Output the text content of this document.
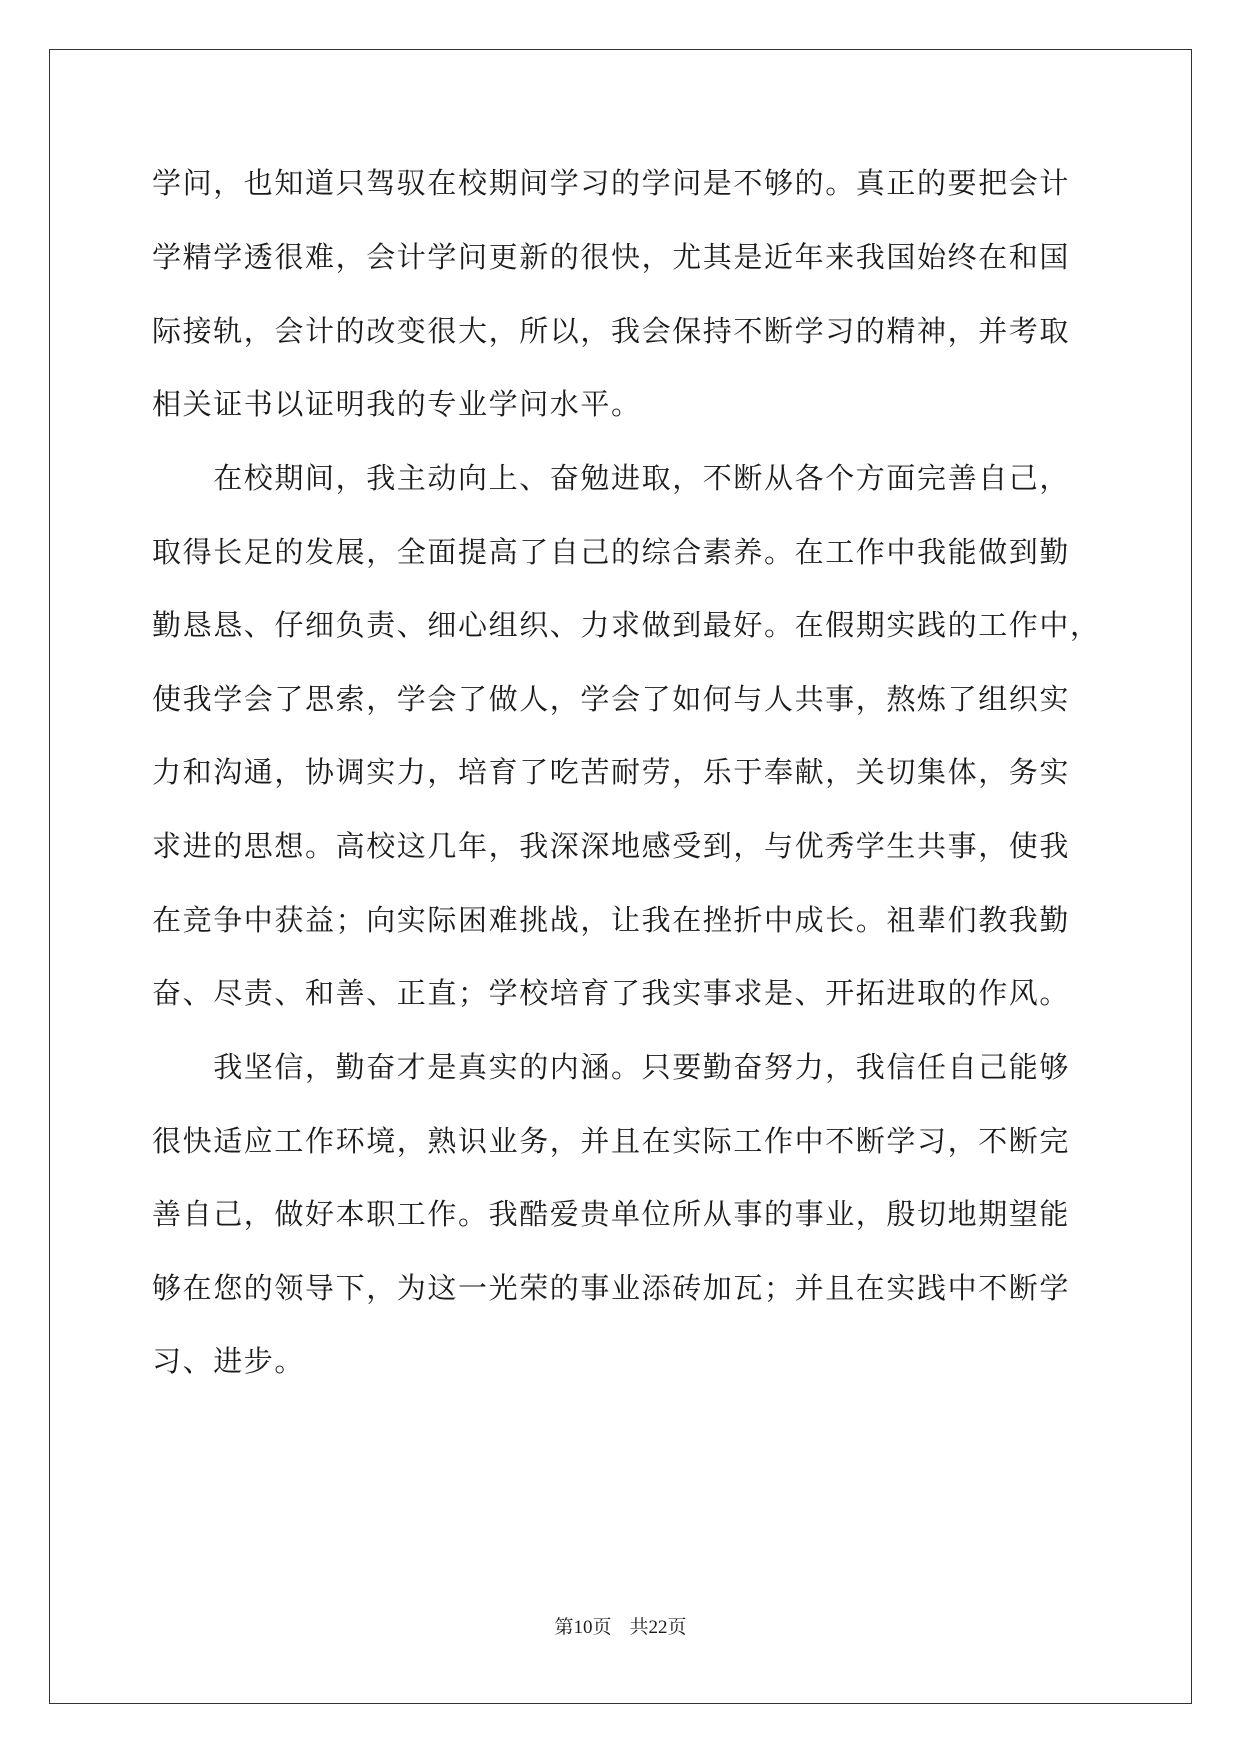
学问，也知道只驾驭在校期间学习的学问是不够的。真正的要把会计
学精学透很难，会计学问更新的很快，尤其是近年来我国始终在和国
际接轨，会计的改变很大，所以，我会保持不断学习的精神，并考取
相关证书以证明我的专业学问水平。
　　在校期间，我主动向上、奋勉进取，不断从各个方面完善自己，
取得长足的发展，全面提高了自己的综合素养。在工作中我能做到勤
勤恳恳、仔细负责、细心组织、力求做到最好。在假期实践的工作中，
使我学会了思索，学会了做人，学会了如何与人共事，熬炼了组织实
力和沟通，协调实力，培育了吃苦耐劳，乐于奉献，关切集体，务实
求进的思想。高校这几年，我深深地感受到，与优秀学生共事，使我
在竞争中获益；向实际困难挑战，让我在挫折中成长。祖辈们教我勤
奋、尽责、和善、正直；学校培育了我实事求是、开拓进取的作风。
　　我坚信，勤奋才是真实的内涵。只要勤奋努力，我信任自己能够
很快适应工作环境，熟识业务，并且在实际工作中不断学习，不断完
善自己，做好本职工作。我酷爱贵单位所从事的事业，殷切地期望能
够在您的领导下，为这一光荣的事业添砖加瓦；并且在实践中不断学
习、进步。
第10页 共22页
